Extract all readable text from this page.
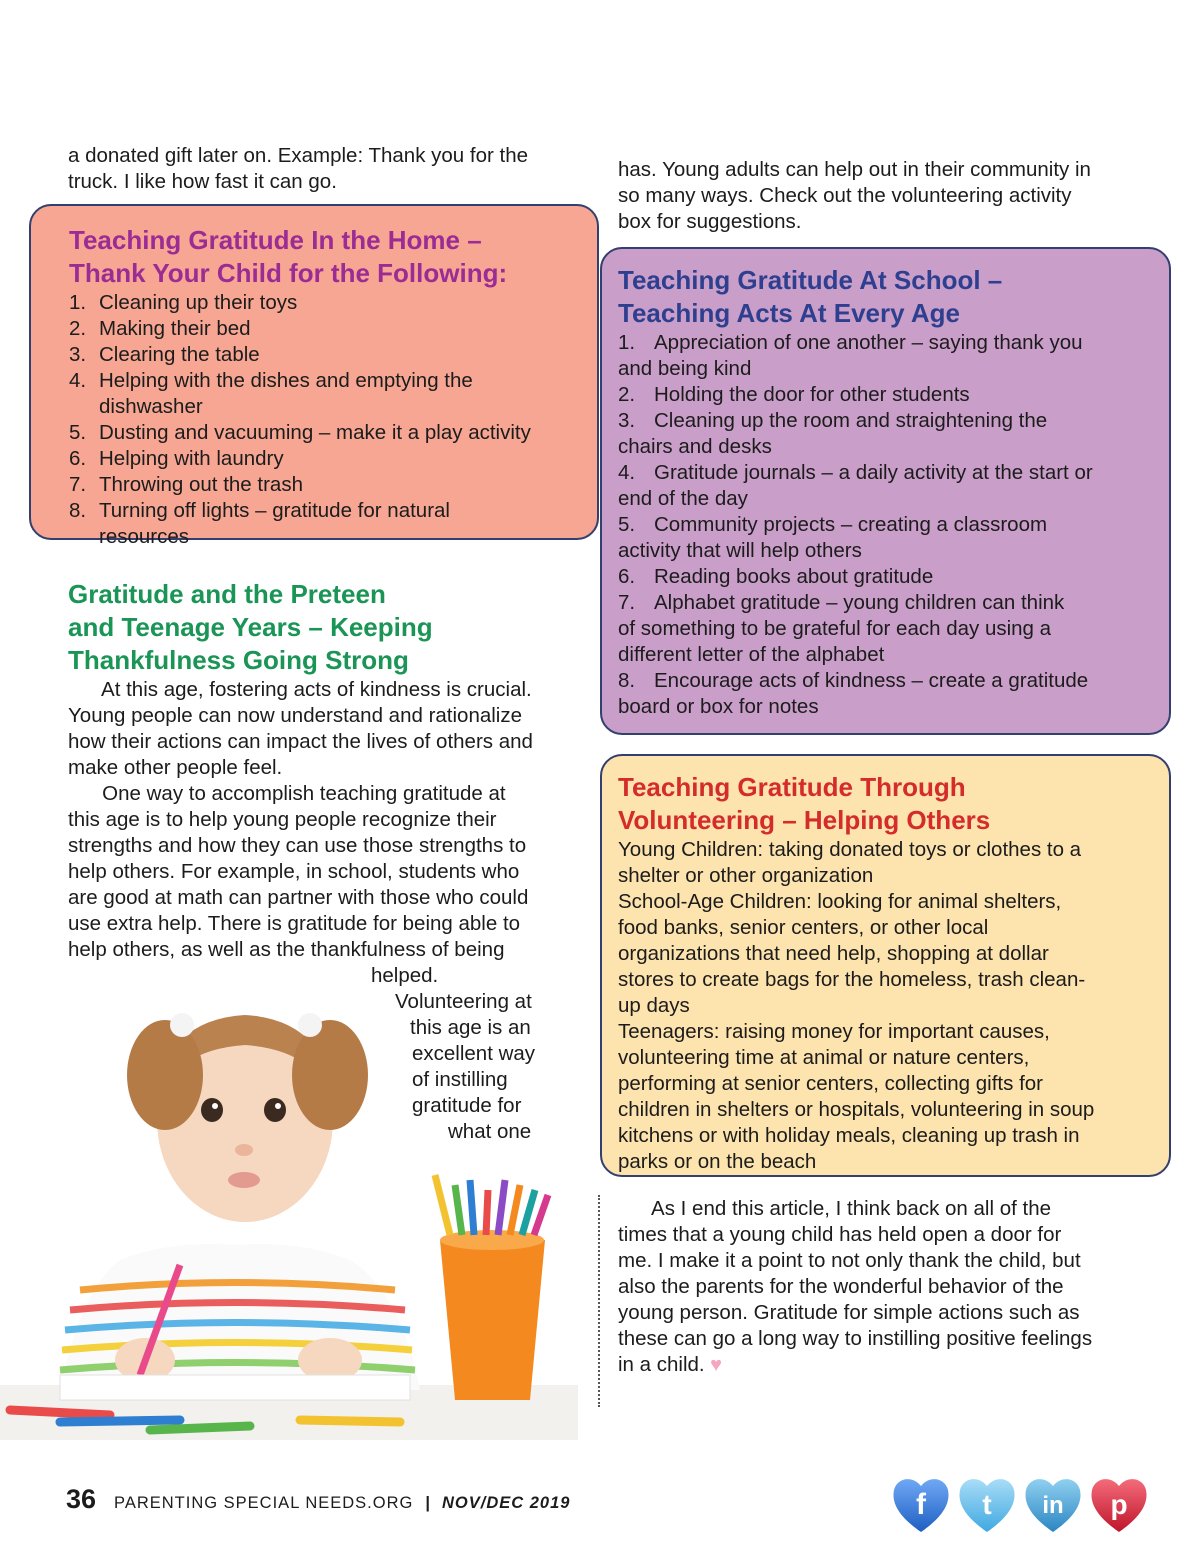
a donated gift later on. Example: Thank you for the

truck. I like how fast it can go.

has. Young adults can help out in their community in

so many ways. Check out the volunteering activity

box for suggestions.

Teaching Gratitude In the Home –
Thank Your Child for the Following:
1. Cleaning up their toys
2. Making their bed
3. Clearing the table
4. Helping with the dishes and emptying the dishwasher
5. Dusting and vacuuming – make it a play activity
6. Helping with laundry
7. Throwing out the trash
8. Turning off lights – gratitude for natural resources
Teaching Gratitude At School –
Teaching Acts At Every Age

1. Appreciation of one another – saying thank you

and being kind

2. Holding the door for other students

3. Cleaning up the room and straightening the

chairs and desks

4. Gratitude journals – a daily activity at the start or

end of the day

5. Community projects – creating a classroom

activity that will help others

6. Reading books about gratitude

7. Alphabet gratitude – young children can think

of something to be grateful for each day using a

different letter of the alphabet

8. Encourage acts of kindness – create a gratitude

board or box for notes

Teaching Gratitude Through
Volunteering – Helping Others

Young Children: taking donated toys or clothes to a

shelter or other organization

School-Age Children: looking for animal shelters,

food banks, senior centers, or other local

organizations that need help, shopping at dollar

stores to create bags for the homeless, trash clean-

up days

Teenagers: raising money for important causes,

volunteering time at animal or nature centers,

performing at senior centers, collecting gifts for

children in shelters or hospitals, volunteering in soup

kitchens or with holiday meals, cleaning up trash in

parks or on the beach

Gratitude and the Preteen
and Teenage Years – Keeping
Thankfulness Going Strong

At this age, fostering acts of kindness is crucial.

Young people can now understand and rationalize

how their actions can impact the lives of others and

make other people feel.

One way to accomplish teaching gratitude at

this age is to help young people recognize their

strengths and how they can use those strengths to

help others. For example, in school, students who

are good at math can partner with those who could

use extra help. There is gratitude for being able to

help others, as well as the thankfulness of being

helped.

Volunteering at

this age is an

excellent way

of instilling

gratitude for

what one

As I end this article, I think back on all of the

times that a young child has held open a door for

me. I make it a point to not only thank the child, but

also the parents for the wonderful behavior of the

young person. Gratitude for simple actions such as

these can go a long way to instilling positive feelings

in a child. ♥

36 PARENTING SPECIAL NEEDS.ORG | NOV/DEC 2019	f t in p
